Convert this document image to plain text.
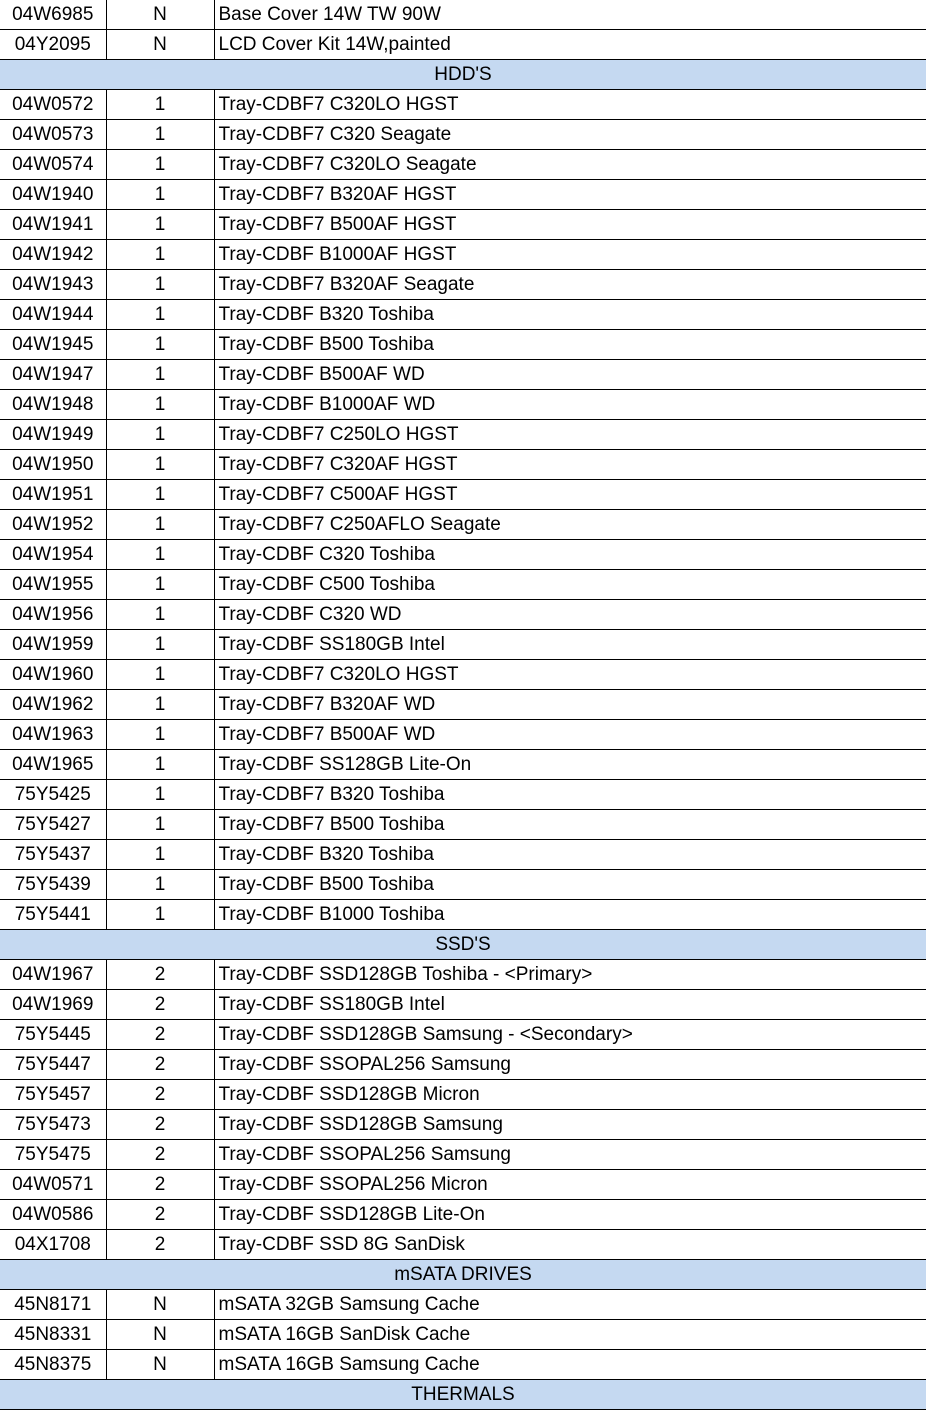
04W6985	N	Base Cover 14W TW 90W
04Y2095	N	LCD Cover Kit 14W,painted
HDD'S		
04W0572	1	Tray-CDBF7 C320LO HGST
04W0573	1	Tray-CDBF7 C320 Seagate
04W0574	1	Tray-CDBF7 C320LO Seagate
04W1940	1	Tray-CDBF7 B320AF HGST
04W1941	1	Tray-CDBF7 B500AF HGST
04W1942	1	Tray-CDBF B1000AF HGST
04W1943	1	Tray-CDBF7 B320AF Seagate
04W1944	1	Tray-CDBF B320 Toshiba
04W1945	1	Tray-CDBF B500 Toshiba
04W1947	1	Tray-CDBF B500AF WD
04W1948	1	Tray-CDBF B1000AF WD
04W1949	1	Tray-CDBF7 C250LO HGST
04W1950	1	Tray-CDBF7 C320AF HGST
04W1951	1	Tray-CDBF7 C500AF HGST
04W1952	1	Tray-CDBF7 C250AFLO Seagate
04W1954	1	Tray-CDBF C320 Toshiba
04W1955	1	Tray-CDBF C500 Toshiba
04W1956	1	Tray-CDBF C320 WD
04W1959	1	Tray-CDBF SS180GB Intel
04W1960	1	Tray-CDBF7 C320LO HGST
04W1962	1	Tray-CDBF7 B320AF WD
04W1963	1	Tray-CDBF7 B500AF WD
04W1965	1	Tray-CDBF SS128GB Lite-On
75Y5425	1	Tray-CDBF7 B320 Toshiba
75Y5427	1	Tray-CDBF7 B500 Toshiba
75Y5437	1	Tray-CDBF B320 Toshiba
75Y5439	1	Tray-CDBF B500 Toshiba
75Y5441	1	Tray-CDBF B1000 Toshiba
SSD'S		
04W1967	2	Tray-CDBF SSD128GB Toshiba - <Primary>
04W1969	2	Tray-CDBF SS180GB Intel
75Y5445	2	Tray-CDBF SSD128GB Samsung - <Secondary>
75Y5447	2	Tray-CDBF SSOPAL256 Samsung
75Y5457	2	Tray-CDBF SSD128GB Micron
75Y5473	2	Tray-CDBF SSD128GB Samsung
75Y5475	2	Tray-CDBF SSOPAL256 Samsung
04W0571	2	Tray-CDBF SSOPAL256 Micron
04W0586	2	Tray-CDBF SSD128GB Lite-On
04X1708	2	Tray-CDBF SSD 8G SanDisk
mSATA DRIVES		
45N8171	N	mSATA 32GB Samsung Cache
45N8331	N	mSATA 16GB SanDisk Cache
45N8375	N	mSATA 16GB Samsung Cache
THERMALS		
